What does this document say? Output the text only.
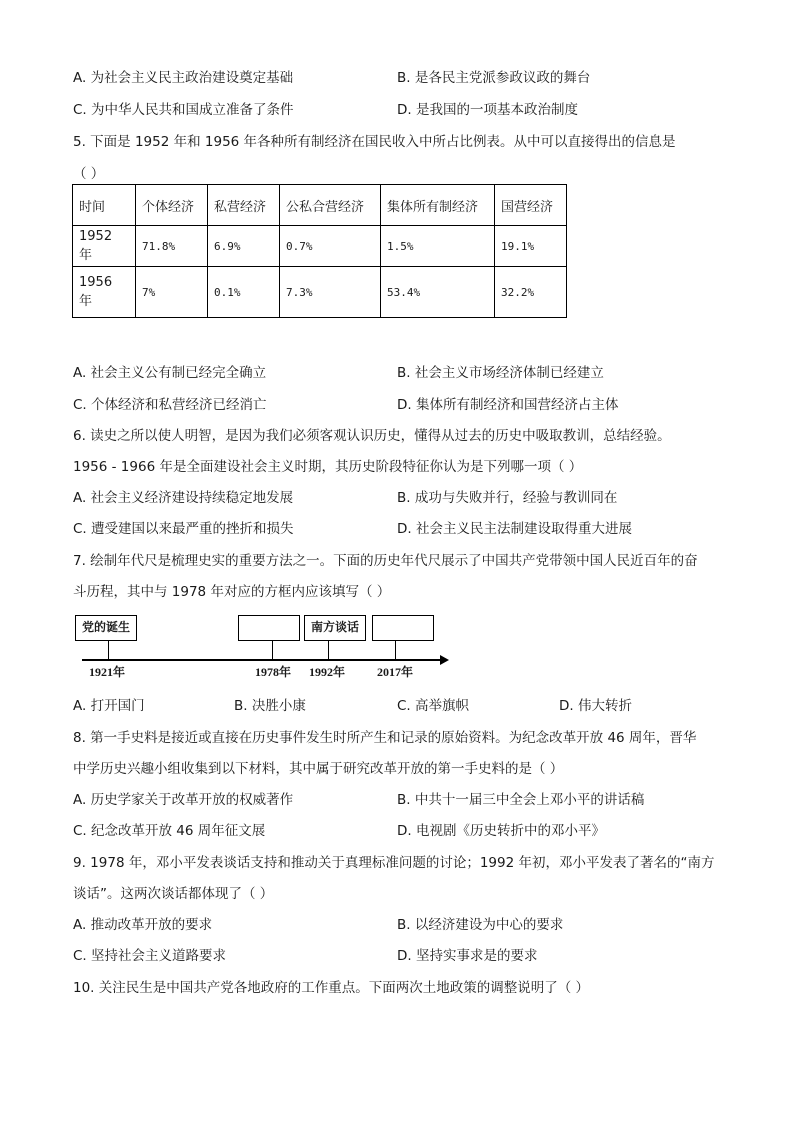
A. 为社会主义民主政治建设奠定基础	B. 是各民主党派参政议政的舞台
C. 为中华人民共和国成立准备了条件	D. 是我国的一项基本政治制度
5. 下面是 1952 年和 1956 年各种所有制经济在国民收入中所占比例表。从中可以直接得出的信息是
（ ）
时间	个体经济	私营经济	公私合营经济	集体所有制经济	国营经济
1952 年	71.8%	6.9%	0.7%	1.5%	19.1%
1956 年	7%	0.1%	7.3%	53.4%	32.2%
A. 社会主义公有制已经完全确立	B. 社会主义市场经济体制已经建立
C. 个体经济和私营经济已经消亡	D. 集体所有制经济和国营经济占主体
6. 读史之所以使人明智，是因为我们必须客观认识历史，懂得从过去的历史中吸取教训，总结经验。
1956 - 1966 年是全面建设社会主义时期，其历史阶段特征你认为是下列哪一项（ ）
A. 社会主义经济建设持续稳定地发展	B. 成功与失败并行，经验与教训同在
C. 遭受建国以来最严重的挫折和损失	D. 社会主义民主法制建设取得重大进展
7. 绘制年代尺是梳理史实的重要方法之一。下面的历史年代尺展示了中国共产党带领中国人民近百年的奋
斗历程，其中与 1978 年对应的方框内应该填写（ ）
党的诞生	南方谈话
1921年	1978年 1992年	2017年
A. 打开国门	B. 决胜小康	C. 高举旗帜	D. 伟大转折
8. 第一手史料是接近或直接在历史事件发生时所产生和记录的原始资料。为纪念改革开放 46 周年，晋华
中学历史兴趣小组收集到以下材料，其中属于研究改革开放的第一手史料的是（ ）
A. 历史学家关于改革开放的权威著作	B. 中共十一届三中全会上邓小平的讲话稿
C. 纪念改革开放 46 周年征文展	D. 电视剧《历史转折中的邓小平》
9. 1978 年，邓小平发表谈话支持和推动关于真理标准问题的讨论；1992 年初，邓小平发表了著名的“南方
谈话”。这两次谈话都体现了（ ）
A. 推动改革开放的要求	B. 以经济建设为中心的要求
C. 坚持社会主义道路要求	D. 坚持实事求是的要求
10. 关注民生是中国共产党各地政府的工作重点。下面两次土地政策的调整说明了（ ）
